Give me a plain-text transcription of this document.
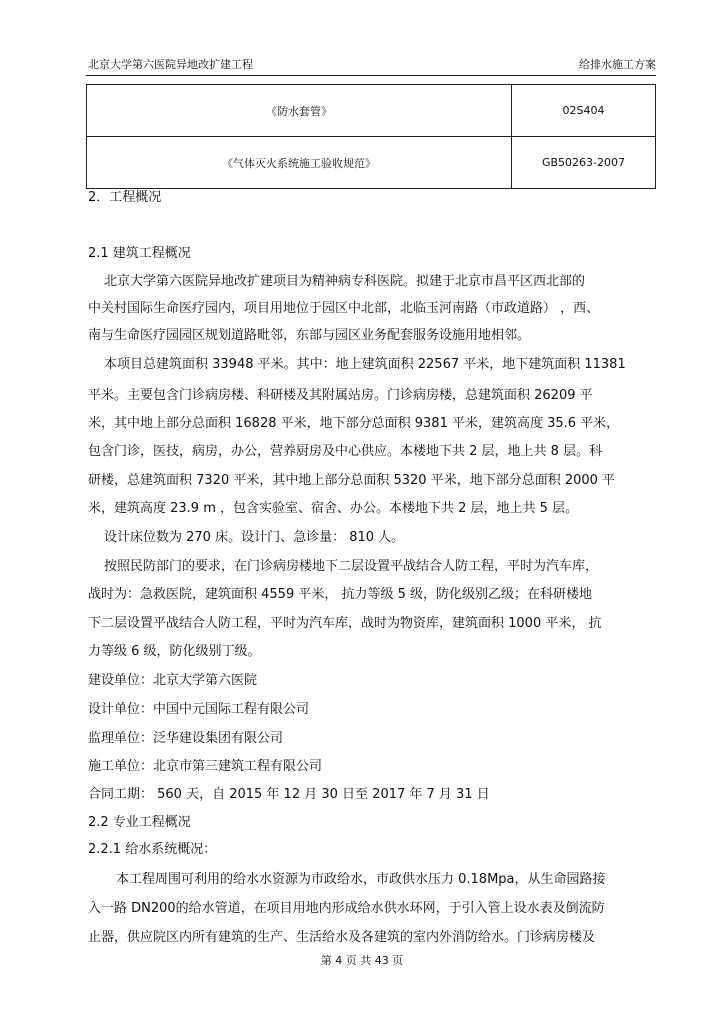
北京大学第六医院异地改扩建工程	给排水施工方案
《防水套管》	02S404
《气体灭火系统施工验收规范》	GB50263-2007
2．工程概况
2.1 建筑工程概况
北京大学第六医院异地改扩建项目为精神病专科医院。拟建于北京市昌平区西北部的
中关村国际生命医疗园内，项目用地位于园区中北部，北临玉河南路（市政道路） ，西、
南与生命医疗园园区规划道路毗邻，东部与园区业务配套服务设施用地相邻。
本项目总建筑面积 33948 平米。其中：地上建筑面积 22567 平米，地下建筑面积 11381
平米。主要包含门诊病房楼、科研楼及其附属站房。门诊病房楼，总建筑面积 26209 平
米，其中地上部分总面积 16828 平米，地下部分总面积 9381 平米，建筑高度 35.6 平米，
包含门诊，医技，病房，办公，营养厨房及中心供应。本楼地下共 2 层，地上共 8 层。科
研楼，总建筑面积 7320 平米，其中地上部分总面积 5320 平米，地下部分总面积 2000 平
米，建筑高度 23.9 m ，包含实验室、宿舍、办公。本楼地下共 2 层，地上共 5 层。
设计床位数为 270 床。设计门、急诊量： 810 人。
按照民防部门的要求，在门诊病房楼地下二层设置平战结合人防工程，平时为汽车库，
战时为：急救医院，建筑面积 4559 平米， 抗力等级 5 级，防化级别乙级；在科研楼地
下二层设置平战结合人防工程，平时为汽车库，战时为物资库，建筑面积 1000 平米， 抗
力等级 6 级，防化级别丁级。
建设单位：北京大学第六医院
设计单位：中国中元国际工程有限公司
监理单位：泛华建设集团有限公司
施工单位：北京市第三建筑工程有限公司
合同工期： 560 天，自 2015 年 12 月 30 日至 2017 年 7 月 31 日
2.2 专业工程概况
2.2.1 给水系统概况：
本工程周围可利用的给水水资源为市政给水，市政供水压力 0.18Mpa，从生命园路接
入一路 DN200的给水管道，在项目用地内形成给水供水环网，于引入管上设水表及倒流防
止器，供应院区内所有建筑的生产、生活给水及各建筑的室内外消防给水。门诊病房楼及
第 4 页 共 43 页
